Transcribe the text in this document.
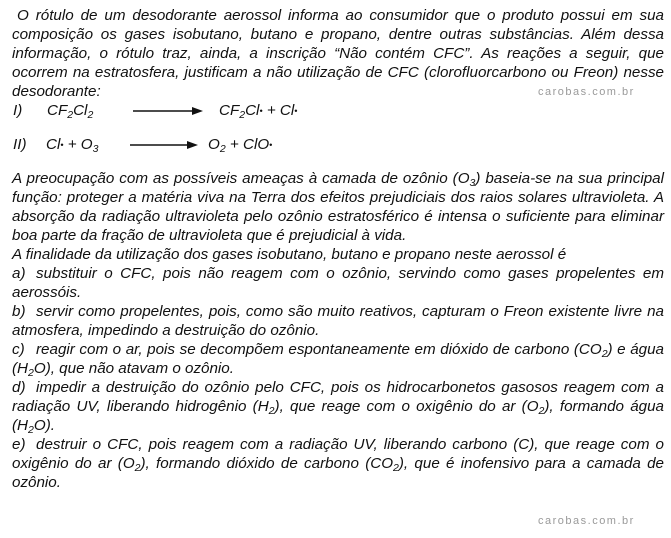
O rótulo de um desodorante aerossol informa ao consumidor que o produto possui em sua composição os gases isobutano, butano e propano, dentre outras substâncias. Além dessa informação, o rótulo traz, ainda, a inscrição “Não contém CFC”. As reações a seguir, que ocorrem na estratosfera, justificam a não utilização de CFC (clorofluorcarbono ou Freon) nesse desodorante:

I) $CF_2Cl_2$	$CF_2Cl•$ + Cl•
II) Cl• + $O_3$	$O_2$ + ClO•

A preocupação com as possíveis ameaças à camada de ozônio $(O_3)$ baseia-se na sua principal função: proteger a matéria viva na Terra dos efeitos prejudiciais dos raios solares ultravioleta. A absorção da radiação ultravioleta pelo ozônio estratosférico é intensa o suficiente para eliminar boa parte da fração de ultravioleta que é prejudicial à vida.

A finalidade da utilização dos gases isobutano, butano e propano neste aerossol é

a) substituir o CFC, pois não reagem com o ozônio, servindo como gases propelentes em aerossóis.

b) servir como propelentes, pois, como são muito reativos, capturam o Freon existente livre na atmosfera, impedindo a destruição do ozônio.

c) reagir com o ar, pois se decompõem espontaneamente em dióxido de carbono $(CO_2)$ e água $(H_2O)$, que não atavam o ozônio.

d) impedir a destruição do ozônio pelo CFC, pois os hidrocarbonetos gasosos reagem com a radiação UV, liberando hidrogênio $(H_2)$, que reage com o oxigênio do ar $(O_2)$, formando água $(H_2O)$.

e) destruir o CFC, pois reagem com a radiação UV, liberando carbono (C), que reage com o oxigênio do ar $(O_2)$, formando dióxido de carbono $(CO_2)$, que é inofensivo para a camada de ozônio.

carobas.com.br
carobas.com.br
